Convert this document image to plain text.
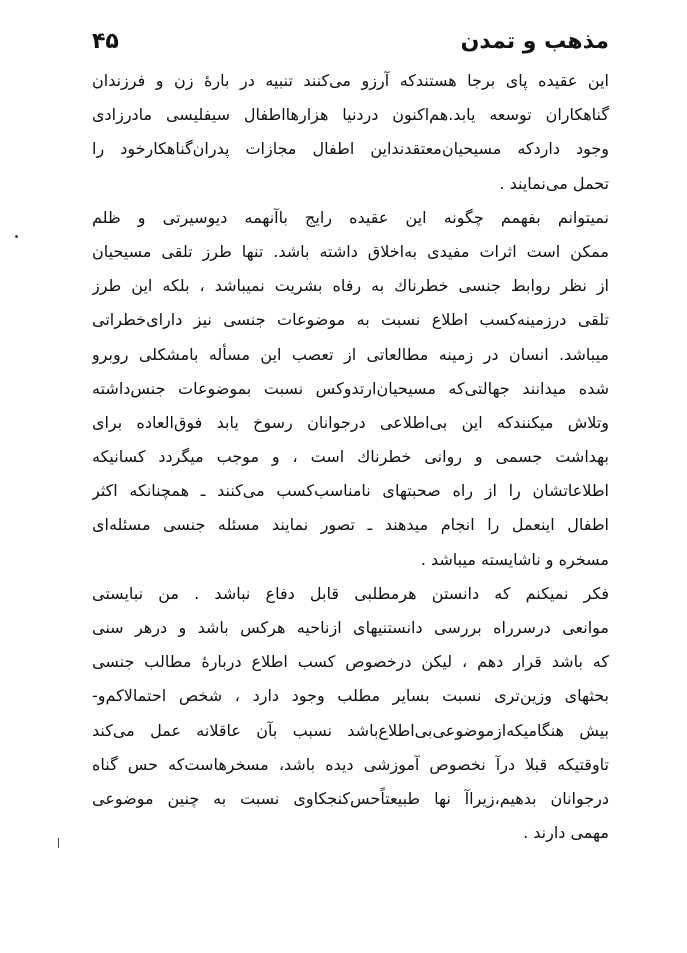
مذهب و تمدن
۴۵
این عقیده پای برجا هستندکه آرزو می‌کنند تنبیه در بارهٔ زن و فرزندان
گناهکاران توسعه یابد.هم‌اکنون دردنیا هزارهااطفال سیفلیسی مادرزادی
وجود داردکه مسیحیان‌معتقدنداین اطفال مجازات پدران‌گناهکارخود را
تحمل می‌نمایند .
نمیتوانم بفهمم چگونه این عقیده رایج باآنهمه دیوسیرتی و ظلم
ممکن است اثرات مفیدی به‌اخلاق داشته باشد. تنها طرز تلقی مسیحیان
از نظر روابط جنسی خطرناك به رفاه بشریت نمیباشد ، بلکه این طرز
تلقی درزمینه‌کسب اطلاع نسبت به موضوعات جنسی نیز دارای‌خطراتی
میباشد. انسان در زمینه مطالعاتی از تعصب این مسأله بامشکلی روبرو
شده میدانند جهالتی‌که مسیحیان‌ارتدوکس نسبت بموضوعات جنس‌داشته
وتلاش میکنندکه این بی‌اطلاعی درجوانان رسوخ یابد فوق‌العاده برای
بهداشت جسمی و روانی خطرناك است ، و موجب میگردد کسانیکه
اطلاعاتشان را از راه صحبتهای نامناسب‌کسب می‌کنند ـ همچنانکه اکثر
اطفال اینعمل را انجام میدهند ـ تصور نمایند مسئله جنسی مسئله‌ای
مسخره و ناشایسته میباشد .
فکر نمیکنم که دانستن هرمطلبی قابل دفاع نباشد . من نبایستی
موانعی درسرراه بررسی دانستنیهای ازناحیه هرکس باشد و درهر سنی
که باشد قرار دهم ، لیکن درخصوص کسب اطلاع دربارهٔ مطالب جنسی
بحثهای وزین‌تری نسبت بسایر مطلب وجود دارد ، شخص احتمالاکم‌و-
بیش هنگامیکه‌ازموضوعی‌بی‌اطلاع‌باشد نسبب بآن عاقلانه عمل می‌کند
تاوقتیکه قبلا درآ نخصوص آموزشی دیده باشد، مسخرهاست‌که حس گناه
درجوانان بدهیم،زیراآ نها طبیعتاًحس‌کنجکاوی نسبت به چنین موضوعی
مهمی دارند .
